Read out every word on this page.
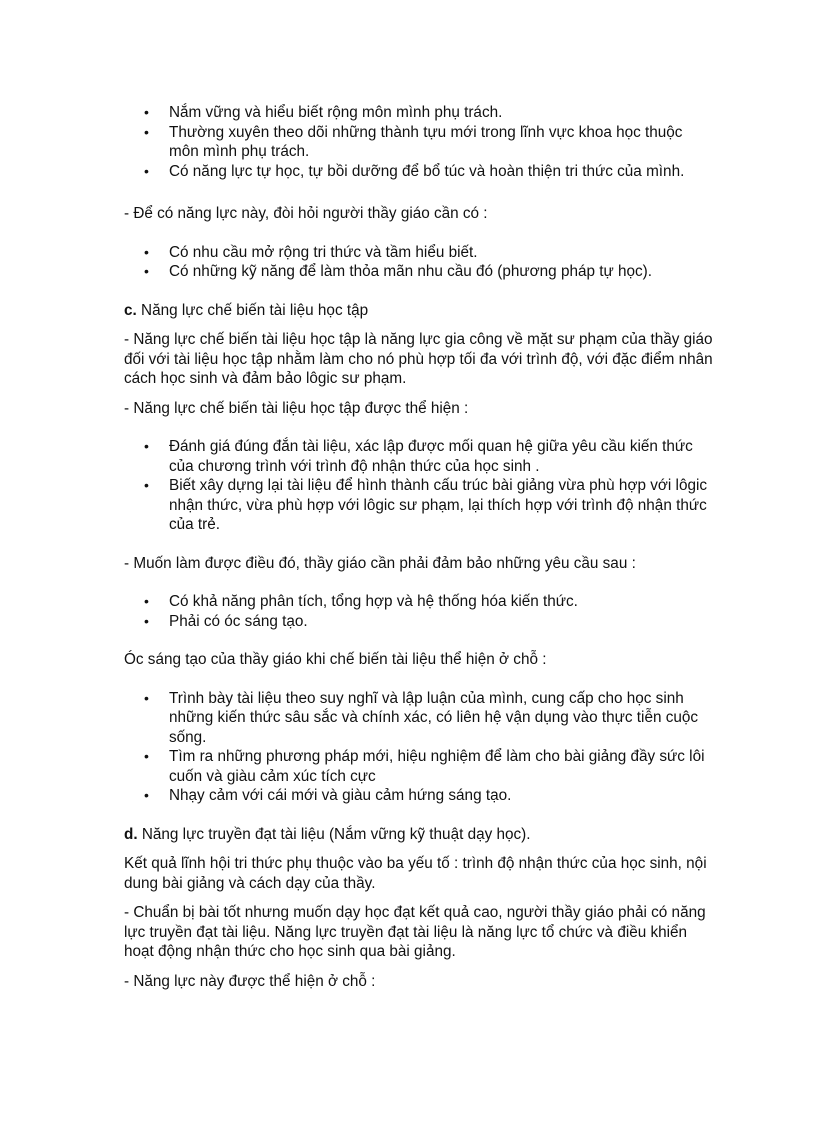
• Nắm vững và hiểu biết rộng môn mình phụ trách.
• Thường xuyên theo dõi những thành tựu mới trong lĩnh vực khoa học thuộc môn mình phụ trách.
• Có năng lực tự học, tự bồi dưỡng để bổ túc và hoàn thiện tri thức của mình.

- Để có năng lực này, đòi hỏi người thầy giáo cần có :

• Có nhu cầu mở rộng tri thức và tầm hiểu biết.
• Có những kỹ năng để làm thỏa mãn nhu cầu đó (phương pháp tự học).

c. Năng lực chế biến tài liệu học tập

- Năng lực chế biến tài liệu học tập là năng lực gia công về mặt sư phạm của thầy giáo đối với tài liệu học tập nhằm làm cho nó phù hợp tối đa với trình độ, với đặc điểm nhân cách học sinh và đảm bảo lôgic sư phạm.

- Năng lực chế biến tài liệu học tập được thể hiện :

• Đánh giá đúng đắn tài liệu, xác lập được mối quan hệ giữa yêu cầu kiến thức của chương trình với trình độ nhận thức của học sinh .
• Biết xây dựng lại tài liệu để hình thành cấu trúc bài giảng vừa phù hợp với lôgic nhận thức, vừa phù hợp với lôgic sư phạm, lại thích hợp với trình độ nhận thức của trẻ.

- Muốn làm được điều đó, thầy giáo cần phải đảm bảo những yêu cầu sau :

• Có khả năng phân tích, tổng hợp và hệ thống hóa kiến thức.
• Phải có óc sáng tạo.

Óc sáng tạo của thầy giáo khi chế biến tài liệu thể hiện ở chỗ :

• Trình bày tài liệu theo suy nghĩ và lập luận của mình, cung cấp cho học sinh những kiến thức sâu sắc và chính xác, có liên hệ vận dụng vào thực tiễn cuộc sống.
• Tìm ra những phương pháp mới, hiệu nghiệm để làm cho bài giảng đầy sức lôi cuốn và giàu cảm xúc tích cực
• Nhạy cảm với cái mới và giàu cảm hứng sáng tạo.

d. Năng lực truyền đạt tài liệu (Nắm vững kỹ thuật dạy học).

Kết quả lĩnh hội tri thức phụ thuộc vào ba yếu tố : trình độ nhận thức của học sinh, nội dung bài giảng và cách dạy của thầy.

- Chuẩn bị bài tốt nhưng muốn dạy học đạt kết quả cao, người thầy giáo phải có năng lực truyền đạt tài liệu. Năng lực truyền đạt tài liệu là năng lực tổ chức và điều khiển hoạt động nhận thức cho học sinh qua bài giảng.

- Năng lực này được thể hiện ở chỗ :
